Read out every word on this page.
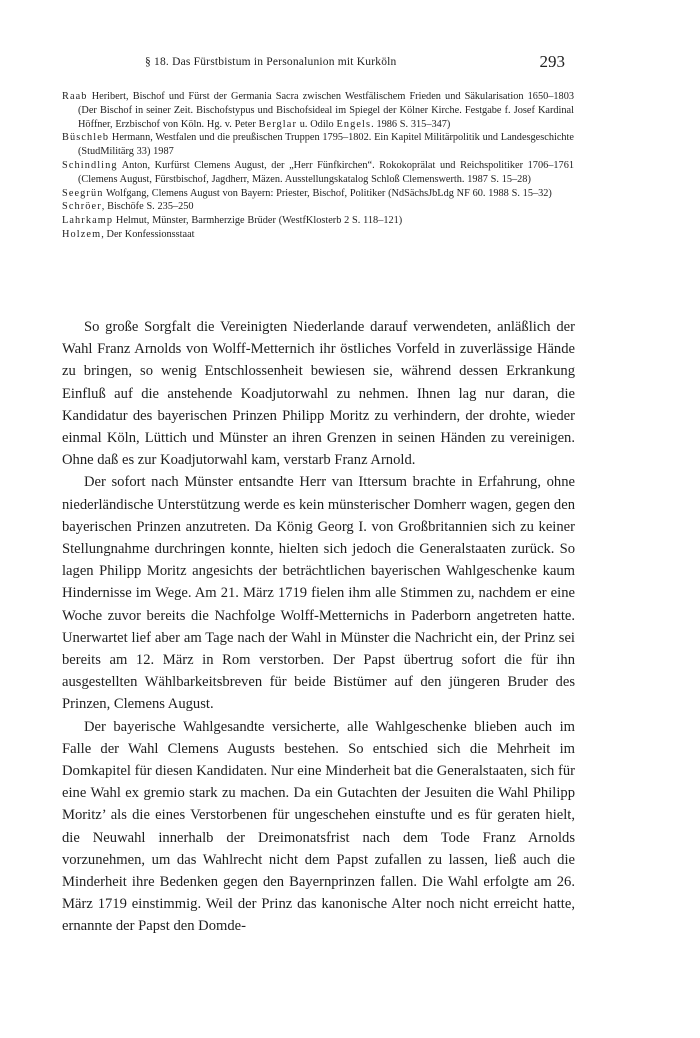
§ 18. Das Fürstbistum in Personalunion mit Kurköln	293
Raab Heribert, Bischof und Fürst der Germania Sacra zwischen Westfälischem Frieden und Säkularisation 1650–1803 (Der Bischof in seiner Zeit. Bischofstypus und Bischofsideal im Spiegel der Kölner Kirche. Festgabe f. Josef Kardinal Höffner, Erzbischof von Köln. Hg. v. Peter Berglar u. Odilo Engels. 1986 S. 315–347)
Büschleb Hermann, Westfalen und die preußischen Truppen 1795–1802. Ein Kapitel Militärpolitik und Landesgeschichte (StudMilitärg 33) 1987
Schindling Anton, Kurfürst Clemens August, der „Herr Fünfkirchen“. Rokokoprälat und Reichspolitiker 1706–1761 (Clemens August, Fürstbischof, Jagdherr, Mäzen. Ausstellungskatalog Schloß Clemenswerth. 1987 S. 15–28)
Seegrün Wolfgang, Clemens August von Bayern: Priester, Bischof, Politiker (NdSächsJbLdg NF 60. 1988 S. 15–32)
Schröer, Bischöfe S. 235–250
Lahrkamp Helmut, Münster, Barmherzige Brüder (WestfKlosterb 2 S. 118–121)
Holzem, Der Konfessionsstaat

So große Sorgfalt die Vereinigten Niederlande darauf verwendeten, anläßlich der Wahl Franz Arnolds von Wolff-Metternich ihr östliches Vorfeld in zuverlässige Hände zu bringen, so wenig Entschlossenheit bewiesen sie, während dessen Erkrankung Einfluß auf die anstehende Koadjutorwahl zu nehmen. Ihnen lag nur daran, die Kandidatur des bayerischen Prinzen Philipp Moritz zu verhindern, der drohte, wieder einmal Köln, Lüttich und Münster an ihren Grenzen in seinen Händen zu vereinigen. Ohne daß es zur Koadjutorwahl kam, verstarb Franz Arnold.

Der sofort nach Münster entsandte Herr van Ittersum brachte in Erfahrung, ohne niederländische Unterstützung werde es kein münsterischer Domherr wagen, gegen den bayerischen Prinzen anzutreten. Da König Georg I. von Großbritannien sich zu keiner Stellungnahme durchringen konnte, hielten sich jedoch die Generalstaaten zurück. So lagen Philipp Moritz angesichts der beträchtlichen bayerischen Wahlgeschenke kaum Hindernisse im Wege. Am 21. März 1719 fielen ihm alle Stimmen zu, nachdem er eine Woche zuvor bereits die Nachfolge Wolff-Metternichs in Paderborn angetreten hatte. Unerwartet lief aber am Tage nach der Wahl in Münster die Nachricht ein, der Prinz sei bereits am 12. März in Rom verstorben. Der Papst übertrug sofort die für ihn ausgestellten Wählbarkeitsbreven für beide Bistümer auf den jüngeren Bruder des Prinzen, Clemens August.

Der bayerische Wahlgesandte versicherte, alle Wahlgeschenke blieben auch im Falle der Wahl Clemens Augusts bestehen. So entschied sich die Mehrheit im Domkapitel für diesen Kandidaten. Nur eine Minderheit bat die Generalstaaten, sich für eine Wahl ex gremio stark zu machen. Da ein Gutachten der Jesuiten die Wahl Philipp Moritz’ als die eines Verstorbenen für ungeschehen einstufte und es für geraten hielt, die Neuwahl innerhalb der Dreimonatsfrist nach dem Tode Franz Arnolds vorzunehmen, um das Wahlrecht nicht dem Papst zufallen zu lassen, ließ auch die Minderheit ihre Bedenken gegen den Bayernprinzen fallen. Die Wahl erfolgte am 26. März 1719 einstimmig. Weil der Prinz das kanonische Alter noch nicht erreicht hatte, ernannte der Papst den Domde-
